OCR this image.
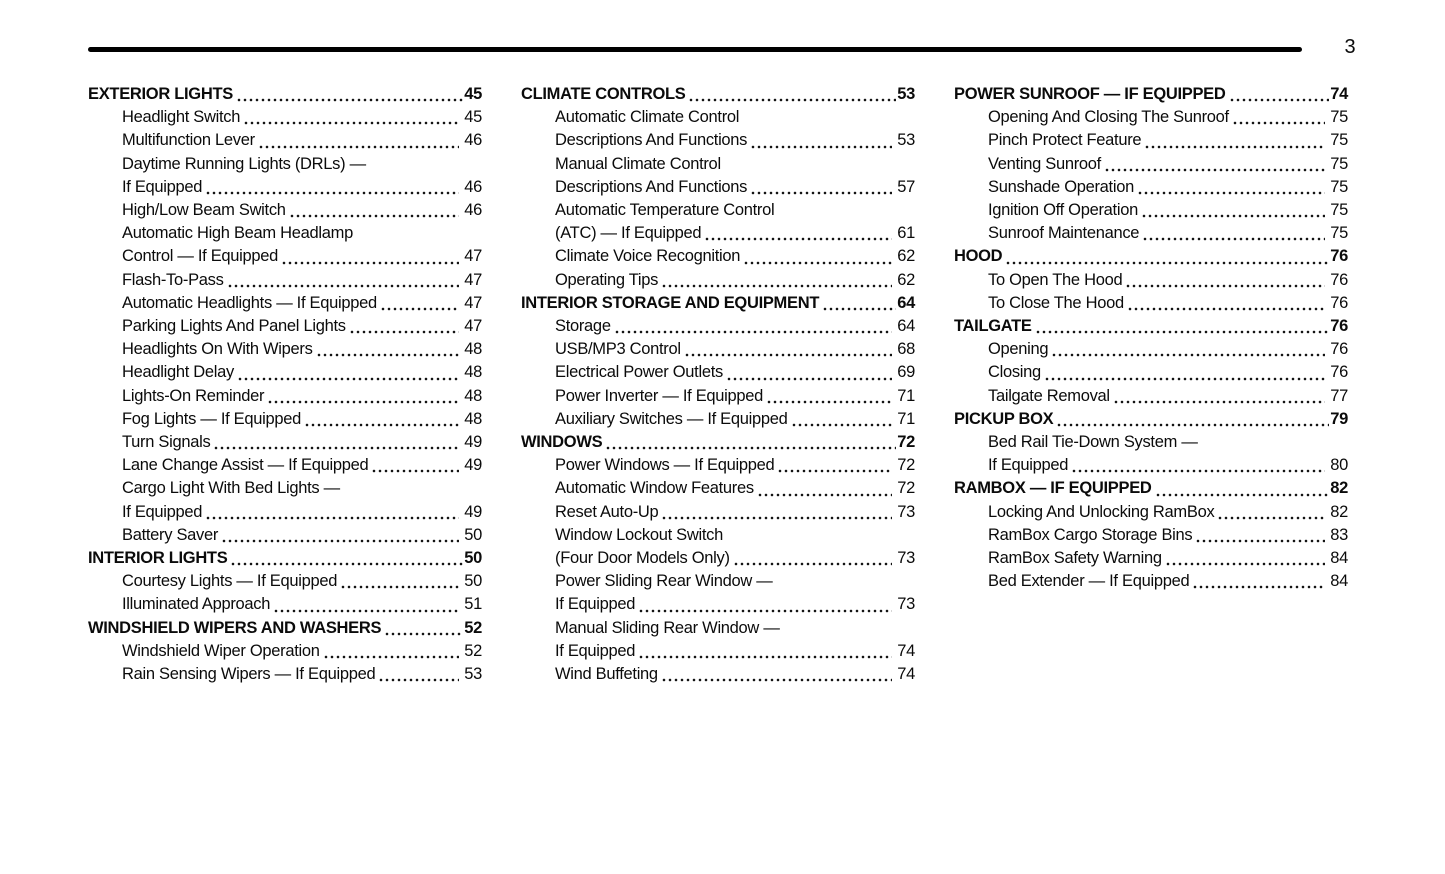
3
EXTERIOR LIGHTS	45
Headlight Switch	45
Multifunction Lever	46
Daytime Running Lights (DRLs) —
If Equipped	46
High/Low Beam Switch	46
Automatic High Beam Headlamp
Control — If Equipped	47
Flash-To-Pass	47
Automatic Headlights — If Equipped	47
Parking Lights And Panel Lights	47
Headlights On With Wipers	48
Headlight Delay	48
Lights-On Reminder	48
Fog Lights — If Equipped	48
Turn Signals	49
Lane Change Assist — If Equipped	49
Cargo Light With Bed Lights —
If Equipped	49
Battery Saver	50
INTERIOR LIGHTS	50
Courtesy Lights — If Equipped	50
Illuminated Approach	51
WINDSHIELD WIPERS AND WASHERS	52
Windshield Wiper Operation	52
Rain Sensing Wipers — If Equipped	53
CLIMATE CONTROLS	53
Automatic Climate Control
Descriptions And Functions	53
Manual Climate Control
Descriptions And Functions	57
Automatic Temperature Control
(ATC) — If Equipped	61
Climate Voice Recognition	62
Operating Tips	62
INTERIOR STORAGE AND EQUIPMENT	64
Storage	64
USB/MP3 Control	68
Electrical Power Outlets	69
Power Inverter — If Equipped	71
Auxiliary Switches — If Equipped	71
WINDOWS	72
Power Windows — If Equipped	72
Automatic Window Features	72
Reset Auto-Up	73
Window Lockout Switch
(Four Door Models Only)	73
Power Sliding Rear Window —
If Equipped	73
Manual Sliding Rear Window —
If Equipped	74
Wind Buffeting	74
POWER SUNROOF — IF EQUIPPED	74
Opening And Closing The Sunroof	75
Pinch Protect Feature	75
Venting Sunroof	75
Sunshade Operation	75
Ignition Off Operation	75
Sunroof Maintenance	75
HOOD	76
To Open The Hood	76
To Close The Hood	76
TAILGATE	76
Opening	76
Closing	76
Tailgate Removal	77
PICKUP BOX	79
Bed Rail Tie-Down System —
If Equipped	80
RAMBOX — IF EQUIPPED	82
Locking And Unlocking RamBox	82
RamBox Cargo Storage Bins	83
RamBox Safety Warning	84
Bed Extender — If Equipped	84
